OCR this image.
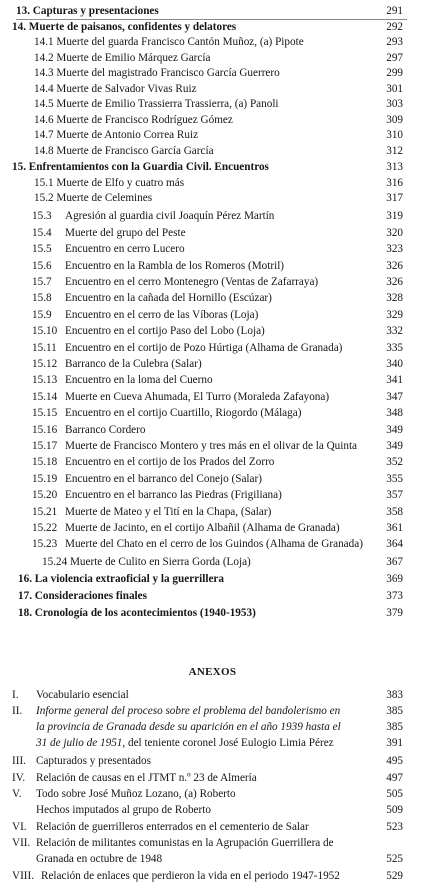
13. Capturas y presentaciones	291
14. Muerte de paisanos, confidentes y delatores	292
14.1 Muerte del guarda Francisco Cantón Muñoz, (a) Pipote	293
14.2 Muerte de Emilio Márquez García	297
14.3 Muerte del magistrado Francisco García Guerrero	299
14.4 Muerte de Salvador Vivas Ruiz	301
14.5 Muerte de Emilio Trassierra Trassierra, (a) Panoli	303
14.6 Muerte de Francisco Rodríguez Gómez	309
14.7 Muerte de Antonio Correa Ruiz	310
14.8 Muerte de Francisco García García	312
15. Enfrentamientos con la Guardia Civil. Encuentros	313
15.1 Muerte de Elfo y cuatro más	316
15.2 Muerte de Celemines	317
15.3 Agresión al guardia civil Joaquín Pérez Martín	319
15.4 Muerte del grupo del Peste	320
15.5 Encuentro en cerro Lucero	323
15.6 Encuentro en la Rambla de los Romeros (Motril)	326
15.7 Encuentro en el cerro Montenegro (Ventas de Zafarraya)	326
15.8 Encuentro en la cañada del Hornillo (Escúzar)	328
15.9 Encuentro en el cerro de las Víboras (Loja)	329
15.10 Encuentro en el cortijo Paso del Lobo (Loja)	332
15.11 Encuentro en el cortijo de Pozo Húrtiga (Alhama de Granada)	335
15.12 Barranco de la Culebra (Salar)	340
15.13 Encuentro en la loma del Cuerno	341
15.14 Muerte en Cueva Ahumada, El Turro (Moraleda Zafayona)	347
15.15 Encuentro en el cortijo Cuartillo, Riogordo (Málaga)	348
15.16 Barranco Cordero	349
15.17 Muerte de Francisco Montero y tres más en el olivar de la Quinta	349
15.18 Encuentro en el cortijo de los Prados del Zorro	352
15.19 Encuentro en el barranco del Conejo (Salar)	355
15.20 Encuentro en el barranco las Piedras (Frigiliana)	357
15.21 Muerte de Mateo y el Tití en la Chapa, (Salar)	358
15.22 Muerte de Jacinto, en el cortijo Albañil (Alhama de Granada)	361
15.23 Muerte del Chato en el cerro de los Guindos (Alhama de Granada) 364
15.24 Muerte de Culito en Sierra Gorda (Loja)	367
16. La violencia extraoficial y la guerrillera	369
17. Consideraciones finales	373
18. Cronología de los acontecimientos (1940-1953)	379
ANEXOS
I. Vocabulario esencial	383
II. Informe general del proceso sobre el problema del bandolerismo en	385
la provincia de Granada desde su aparición en el año 1939 hasta el	385
31 de julio de 1951, del teniente coronel José Eulogio Limia Pérez	391
III. Capturados y presentados	495
IV. Relación de causas en el JTMT n.º 23 de Almería	497
V. Todo sobre José Muñoz Lozano, (a) Roberto	505
Hechos imputados al grupo de Roberto	509
VI. Relación de guerrilleros enterrados en el cementerio de Salar	523
VII. Relación de militantes comunistas en la Agrupación Guerrillera de
Granada en octubre de 1948	525
VIII. Relación de enlaces que perdieron la vida en el periodo 1947-1952	529
